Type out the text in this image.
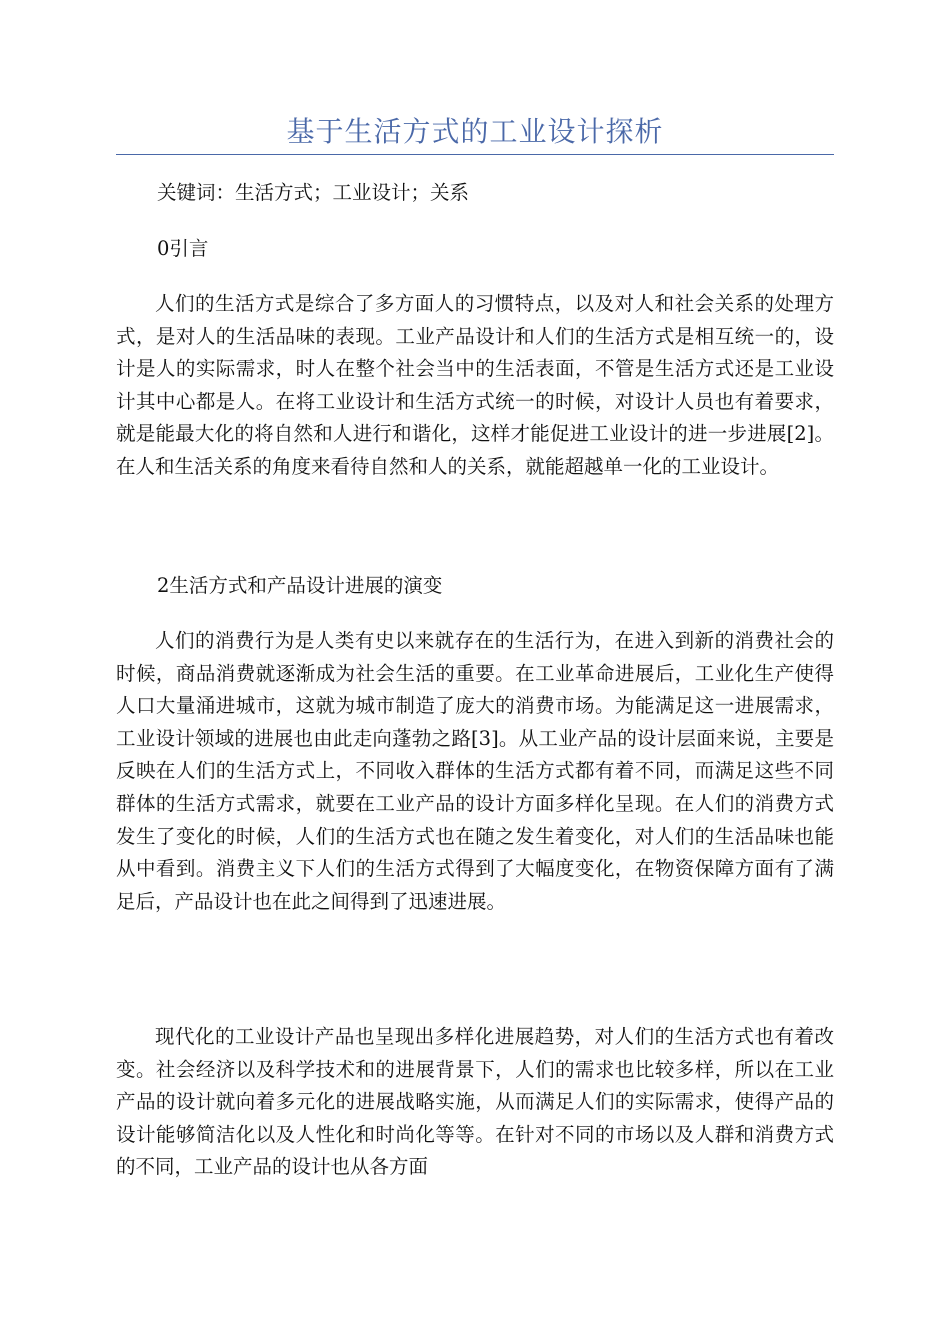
基于生活方式的工业设计探析

关键词：生活方式；工业设计；关系

0引言

人们的生活方式是综合了多方面人的习惯特点，以及对人和社会关系的处理方式，是对人的生活品味的表现。工业产品设计和人们的生活方式是相互统一的，设计是人的实际需求，时人在整个社会当中的生活表面，不管是生活方式还是工业设计其中心都是人。在将工业设计和生活方式统一的时候，对设计人员也有着要求，就是能最大化的将自然和人进行和谐化，这样才能促进工业设计的进一步进展[2]。在人和生活关系的角度来看待自然和人的关系，就能超越单一化的工业设计。

2生活方式和产品设计进展的演变

人们的消费行为是人类有史以来就存在的生活行为，在进入到新的消费社会的时候，商品消费就逐渐成为社会生活的重要。在工业革命进展后，工业化生产使得人口大量涌进城市，这就为城市制造了庞大的消费市场。为能满足这一进展需求，工业设计领域的进展也由此走向蓬勃之路[3]。从工业产品的设计层面来说，主要是反映在人们的生活方式上，不同收入群体的生活方式都有着不同，而满足这些不同群体的生活方式需求，就要在工业产品的设计方面多样化呈现。在人们的消费方式发生了变化的时候，人们的生活方式也在随之发生着变化，对人们的生活品味也能从中看到。消费主义下人们的生活方式得到了大幅度变化，在物资保障方面有了满足后，产品设计也在此之间得到了迅速进展。

现代化的工业设计产品也呈现出多样化进展趋势，对人们的生活方式也有着改变。社会经济以及科学技术和的进展背景下，人们的需求也比较多样，所以在工业产品的设计就向着多元化的进展战略实施，从而满足人们的实际需求，使得产品的设计能够简洁化以及人性化和时尚化等等。在针对不同的市场以及人群和消费方式的不同，工业产品的设计也从各方面
